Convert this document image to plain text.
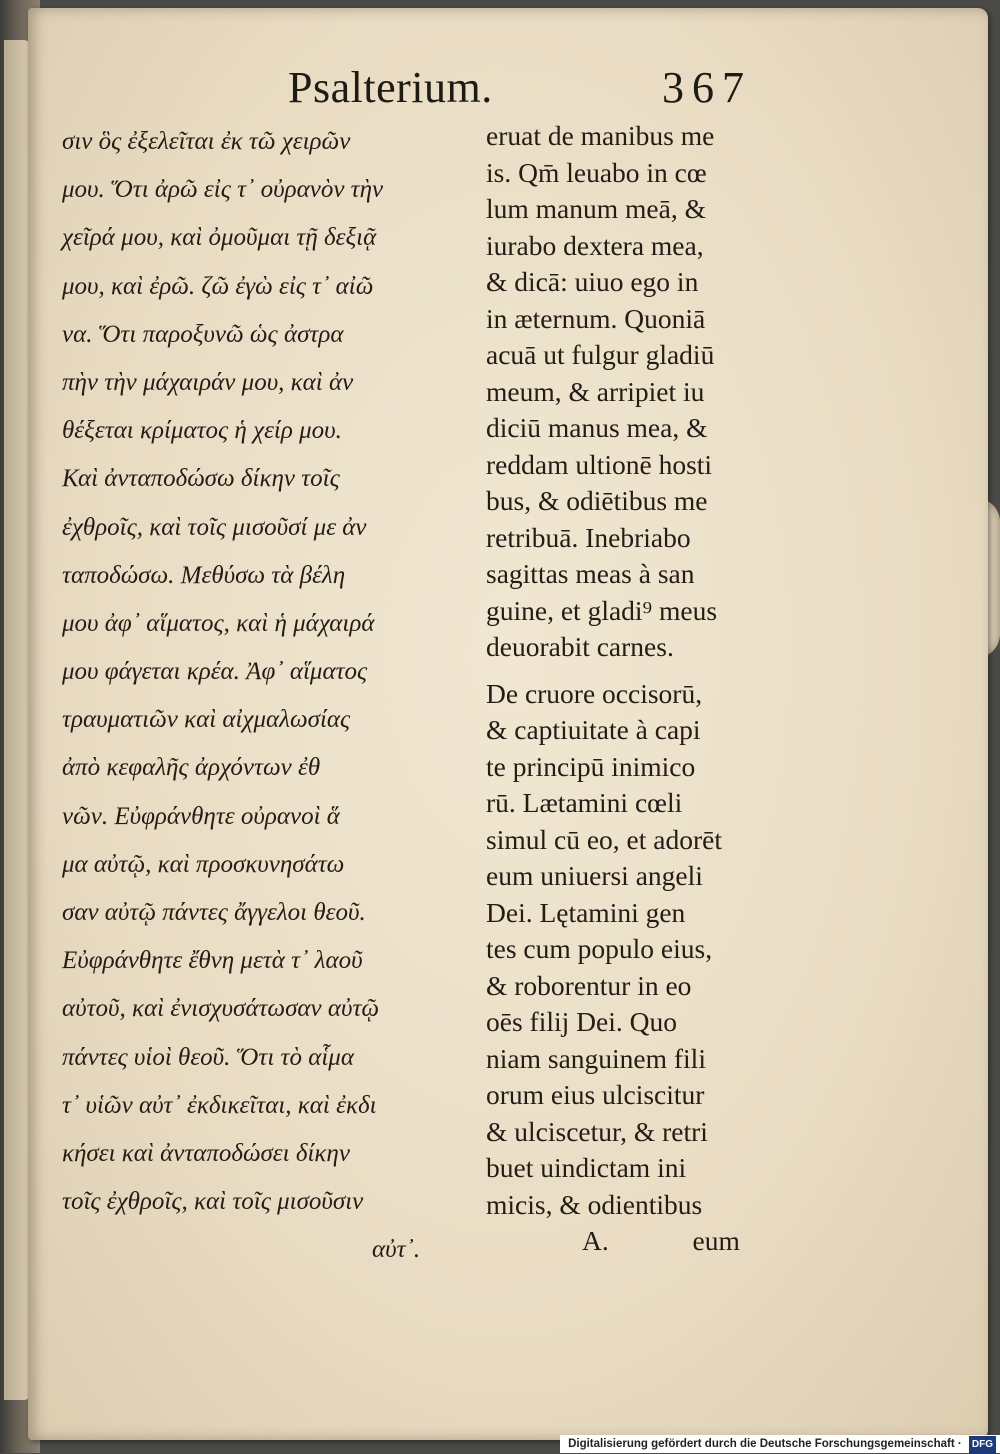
Psalterium.	367
σιν ὃς ἐξελεῖται ἐκ τῶ χειρῶν
μου. Ὅτι ἀρῶ εἰς τ᾽ οὐρανὸν τὴν
χεῖρά μου, καὶ ὀμοῦμαι τῇ δεξιᾷ
μου, καὶ ἐρῶ. ζῶ ἐγὼ εἰς τ᾽ αἰῶ
να. Ὅτι παροξυνῶ ὡς ἀστρα
πὴν τὴν μάχαιράν μου, καὶ ἀν
θέξεται κρίματος ἡ χείρ μου.
Καὶ ἀνταποδώσω δίκην τοῖς
ἐχθροῖς, καὶ τοῖς μισοῦσί με ἀν
ταποδώσω. Μεθύσω τὰ βέλη
μου ἀφ᾽ αἵματος, καὶ ἡ μάχαιρά
μου φάγεται κρέα. Ἀφ᾽ αἵματος
τραυματιῶν καὶ αἰχμαλωσίας
ἀπὸ κεφαλῆς ἀρχόντων ἐθ
νῶν. Εὐφράνθητε οὐρανοὶ ἅ
μα αὐτῷ, καὶ προσκυνησάτω
σαν αὐτῷ πάντες ἄγγελοι θεοῦ.
Εὐφράνθητε ἔθνη μετὰ τ᾽ λαοῦ
αὐτοῦ, καὶ ἐνισχυσάτωσαν αὐτῷ
πάντες υἱοὶ θεοῦ. Ὅτι τὸ αἷμα
τ᾽ υἱῶν αὐτ᾽ ἐκδικεῖται, καὶ ἐκδι
κήσει καὶ ἀνταποδώσει δίκην
τοῖς ἐχθροῖς, καὶ τοῖς μισοῦσιν
αὐτ᾽.
eruat de manibus me
is. Qm̄ leuabo in cœ
lum manum meā, &
iurabo dextera mea,
& dicā: uiuo ego in
in æternum. Quoniā
acuā ut fulgur gladiū
meum, & arripiet iu
diciū manus mea, &
reddam ultionē hosti
bus, & odiētibus me
retribuā. Inebriabo
sagittas meas à san
guine, et gladi⁹ meus
deuorabit carnes.
De cruore occisorū,
& captiuitate à capi
te principū inimico
rū. Lætamini cœli
simul cū eo, et adorēt
eum uniuersi angeli
Dei. Lętamini gen
tes cum populo eius,
& roborentur in eo
oēs filij Dei. Quo
niam sanguinem fili
orum eius ulciscitur
& ulciscetur, & retri
buet uindictam ini
micis, & odientibus
A.	eum
Digitalisierung gefördert durch die Deutsche Forschungsgemeinschaft · DFG
